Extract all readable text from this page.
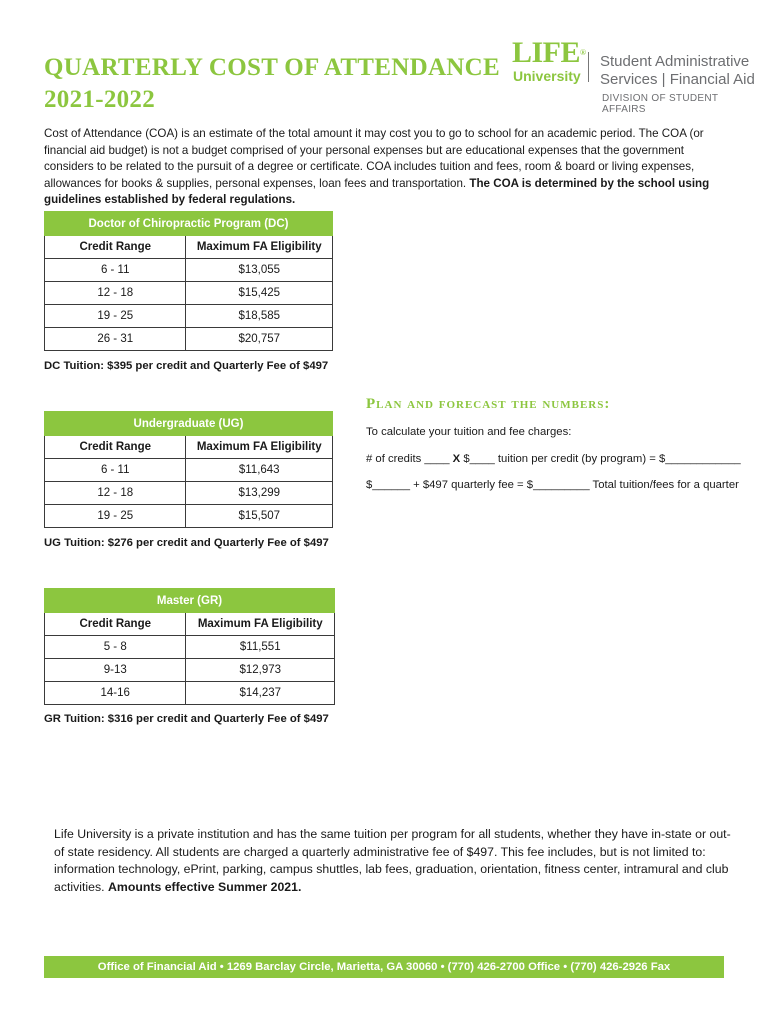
QUARTERLY COST OF ATTENDANCE
2021-2022
LIFE®
University
Student Administrative
Services | Financial Aid
DIVISION OF STUDENT AFFAIRS

Cost of Attendance (COA) is an estimate of the total amount it may cost you to go to school for an academic period. The COA (or financial aid budget) is not a budget comprised of your personal expenses but are educational expenses that the government considers to be related to the pursuit of a degree or certificate. COA includes tuition and fees, room & board or living expenses, allowances for books & supplies, personal expenses, loan fees and transportation. The COA is determined by the school using guidelines established by federal regulations.

Doctor of Chiropractic Program (DC)	
Credit Range	Maximum FA Eligibility
6 - 11	$13,055
12 - 18	$15,425
19 - 25	$18,585
26 - 31	$20,757

DC Tuition: $395 per credit and Quarterly Fee of $497

Undergraduate (UG)	
Credit Range	Maximum FA Eligibility
6 - 11	$11,643
12 - 18	$13,299
19 - 25	$15,507

UG Tuition: $276 per credit and Quarterly Fee of $497

Master (GR)	
Credit Range	Maximum FA Eligibility
5 - 8	$11,551
9-13	$12,973
14-16	$14,237

GR Tuition: $316 per credit and Quarterly Fee of $497

Plan and forecast the numbers:

To calculate your tuition and fee charges:

# of credits ____ X $____ tuition per credit (by program) = $____________

$______ + $497 quarterly fee = $_________ Total tuition/fees for a quarter

Life University is a private institution and has the same tuition per program for all students, whether they have in-state or out-of state residency. All students are charged a quarterly administrative fee of $497. This fee includes, but is not limited to: information technology, ePrint, parking, campus shuttles, lab fees, graduation, orientation, fitness center, intramural and club activities. Amounts effective Summer 2021.

Office of Financial Aid • 1269 Barclay Circle, Marietta, GA 30060 • (770) 426-2700 Office • (770) 426-2926 Fax
